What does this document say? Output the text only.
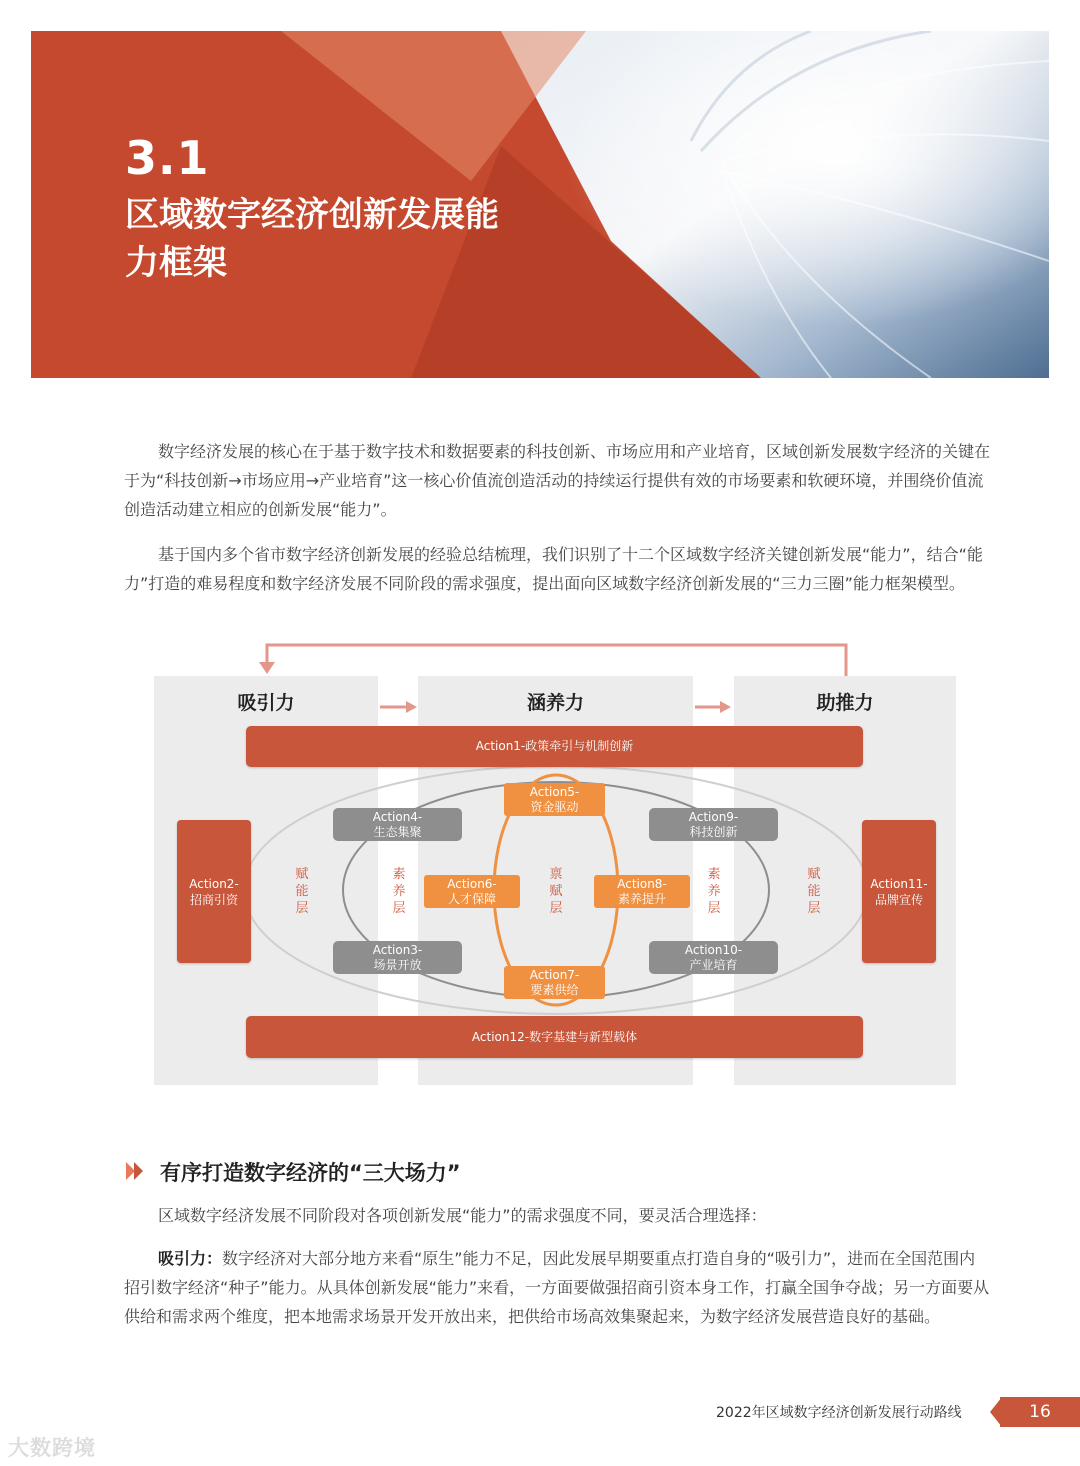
3.1
区域数字经济创新发展能力框架

数字经济发展的核心在于基于数字技术和数据要素的科技创新、市场应用和产业培育，区域创新发展数字经济的关键在于为“科技创新→市场应用→产业培育”这一核心价值流创造活动的持续运行提供有效的市场要素和软硬环境，并围绕价值流创造活动建立相应的创新发展“能力”。

基于国内多个省市数字经济创新发展的经验总结梳理，我们识别了十二个区域数字经济关键创新发展“能力”，结合“能力”打造的难易程度和数字经济发展不同阶段的需求强度，提出面向区域数字经济创新发展的“三力三圈”能力框架模型。

吸引力	涵养力	助推力
Action1-政策牵引与机制创新
Action12-数字基建与新型载体
Action2-
招商引资
Action11-
品牌宣传
Action4-
生态集聚
Action9-
科技创新
Action3-
场景开放
Action10-
产业培育
Action5-
资金驱动
Action6-
人才保障
Action8-
素养提升
Action7-
要素供给
赋能层
赋能层
素养层
素养层
禀赋层
有序打造数字经济的“三大场力”

区域数字经济发展不同阶段对各项创新发展“能力”的需求强度不同，要灵活合理选择：

吸引力：数字经济对大部分地方来看“原生”能力不足，因此发展早期要重点打造自身的“吸引力”，进而在全国范围内招引数字经济“种子”能力。从具体创新发展“能力”来看，一方面要做强招商引资本身工作，打赢全国争夺战；另一方面要从供给和需求两个维度，把本地需求场景开发开放出来，把供给市场高效集聚起来，为数字经济发展营造良好的基础。

2022年区域数字经济创新发展行动路线	16
大数跨境
